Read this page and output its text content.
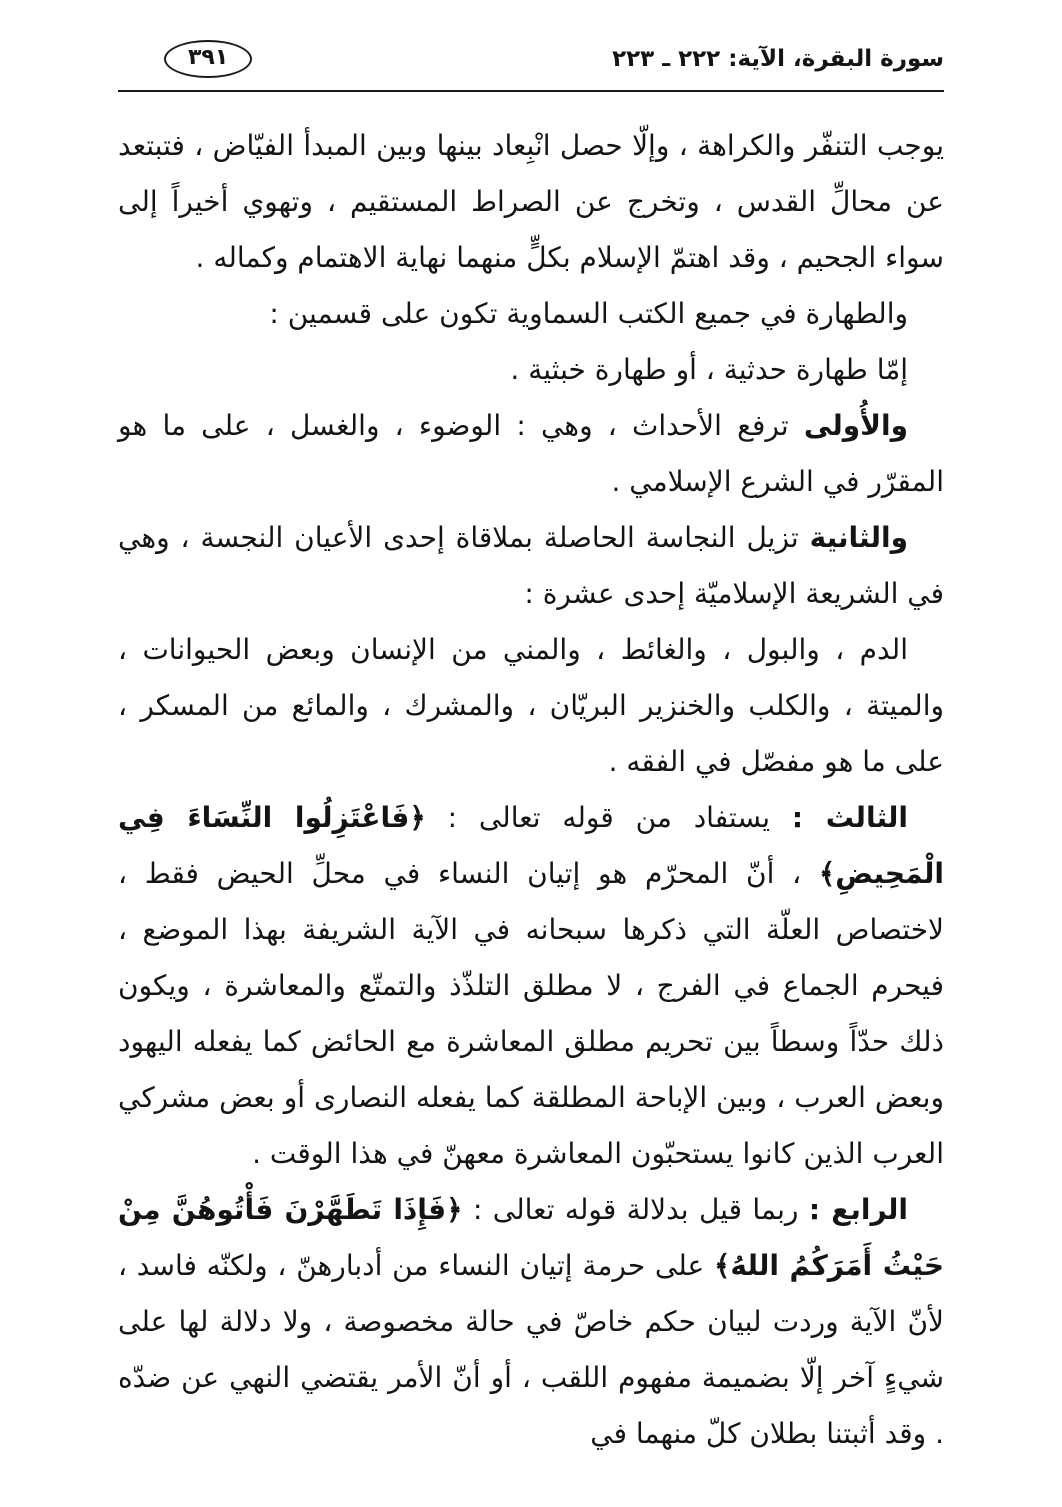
سورة البقرة، الآية: ٢٢٢ ـ ٢٢٣
٣٩١

يوجب التنفّر والكراهة ، وإلّا حصل انْبِعاد بينها وبين المبدأ الفيّاض ، فتبتعد عن محالِّ القدس ، وتخرج عن الصراط المستقيم ، وتهوي أخيراً إلى سواء الجحيم ، وقد اهتمّ الإسلام بكلٍّ منهما نهاية الاهتمام وكماله .

والطهارة في جميع الكتب السماوية تكون على قسمين :

إمّا طهارة حدثية ، أو طهارة خبثية .

والأُولى ترفع الأحداث ، وهي : الوضوء ، والغسل ، على ما هو المقرّر في الشرع الإسلامي .

والثانية تزيل النجاسة الحاصلة بملاقاة إحدى الأعيان النجسة ، وهي في الشريعة الإسلاميّة إحدى عشرة :

الدم ، والبول ، والغائط ، والمني من الإنسان وبعض الحيوانات ، والميتة ، والكلب والخنزير البريّان ، والمشرك ، والمائع من المسكر ، على ما هو مفصّل في الفقه .

الثالث : يستفاد من قوله تعالى : ﴿فَاعْتَزِلُوا النِّسَاءَ فِي الْمَحِيضِ﴾ ، أنّ المحرّم هو إتيان النساء في محلِّ الحيض فقط ، لاختصاص العلّة التي ذكرها سبحانه في الآية الشريفة بهذا الموضع ، فيحرم الجماع في الفرج ، لا مطلق التلذّذ والتمتّع والمعاشرة ، ويكون ذلك حدّاً وسطاً بين تحريم مطلق المعاشرة مع الحائض كما يفعله اليهود وبعض العرب ، وبين الإباحة المطلقة كما يفعله النصارى أو بعض مشركي العرب الذين كانوا يستحبّون المعاشرة معهنّ في هذا الوقت .

الرابع : ربما قيل بدلالة قوله تعالى : ﴿فَإِذَا تَطَهَّرْنَ فَأْتُوهُنَّ مِنْ حَيْثُ أَمَرَكُمُ اللهُ﴾ على حرمة إتيان النساء من أدبارهنّ ، ولكنّه فاسد ، لأنّ الآية وردت لبيان حكم خاصّ في حالة مخصوصة ، ولا دلالة لها على شيءٍ آخر إلّا بضميمة مفهوم اللقب ، أو أنّ الأمر يقتضي النهي عن ضدّه . وقد أثبتنا بطلان كلّ منهما في
